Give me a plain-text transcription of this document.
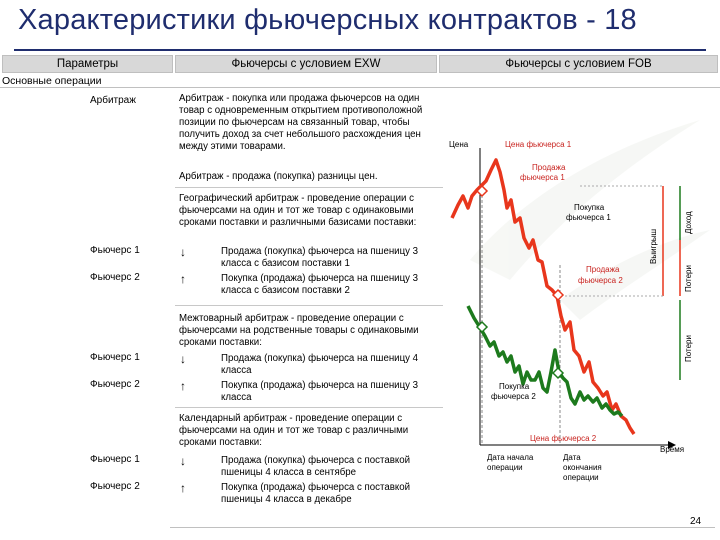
Характеристики фьючерсных контрактов - 18
Параметры	Фьючерсы с условием EXW	Фьючерсы с условием FOB
Основные операции
Арбитраж	Арбитраж - покупка или продажа фьючерсов на один товар с одновременным открытием противоположной позиции по фьючерсам на связанный товар, чтобы получить доход за счет небольшого расхождения цен между этими товарами.
Арбитраж - продажа (покупка) разницы цен.
Географический арбитраж - проведение операции с фьючерсами на один и тот же товар с одинаковыми сроками поставки и различными базисами поставки:
Фьючерс 1	↓	Продажа (покупка) фьючерса на пшеницу 3 класса с базисом поставки 1
Фьючерс 2	↑	Покупка (продажа) фьючерса на пшеницу 3 класса с базисом поставки 2
Межтоварный арбитраж - проведение операции с фьючерсами на родственные товары с одинаковыми сроками поставки:
Фьючерс 1	↓	Продажа (покупка) фьючерса на пшеницу 4 класса
Фьючерс 2	↑	Покупка (продажа) фьючерса на пшеницу 3 класса
Календарный арбитраж - проведение операции с фьючерсами на один и тот же товар с различными сроками поставки:
Фьючерс 1	↓	Продажа (покупка) фьючерса с поставкой пшеницы 4 класса в сентябре
Фьючерс 2	↑	Покупка (продажа) фьючерса с поставкой пшеницы 4 класса в декабре
Цена	Цена фьючерса 1
Продажа
фьючерса 1
Покупка
фьючерса 1
Продажа
фьючерса 2
Покупка
фьючерса 2
Цена фьючерса 2
Время
Дата начала
операции
Дата
окончания
операции
Выигрыш
Доход
Потери
Потери
24
